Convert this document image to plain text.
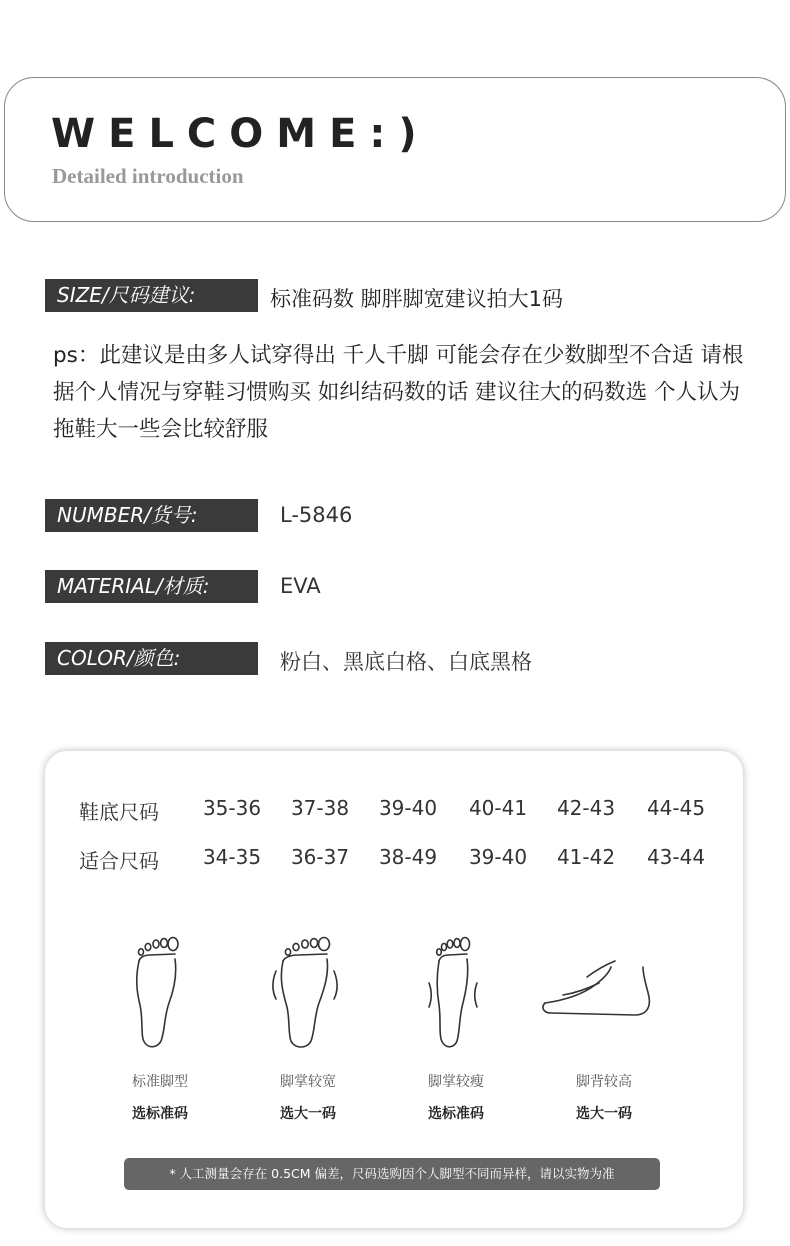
WELCOME:)
Detailed introduction
SIZE/尺码建议:	标准码数 脚胖脚宽建议拍大1码
ps：此建议是由多人试穿得出 千人千脚 可能会存在少数脚型不合适 请根据个人情况与穿鞋习惯购买 如纠结码数的话 建议往大的码数选 个人认为拖鞋大一些会比较舒服
NUMBER/货号:	L-5846
MATERIAL/材质:	EVA
COLOR/颜色:	粉白、黑底白格、白底黑格
鞋底尺码	35-36	37-38	39-40	40-41	42-43	44-45
适合尺码	34-35	36-37	38-49	39-40	41-42	43-44
标准脚型
选标准码
脚掌较宽
选大一码
脚掌较瘦
选标准码
脚背较高
选大一码
* 人工测量会存在 0.5CM 偏差，尺码选购因个人脚型不同而异样，请以实物为准
